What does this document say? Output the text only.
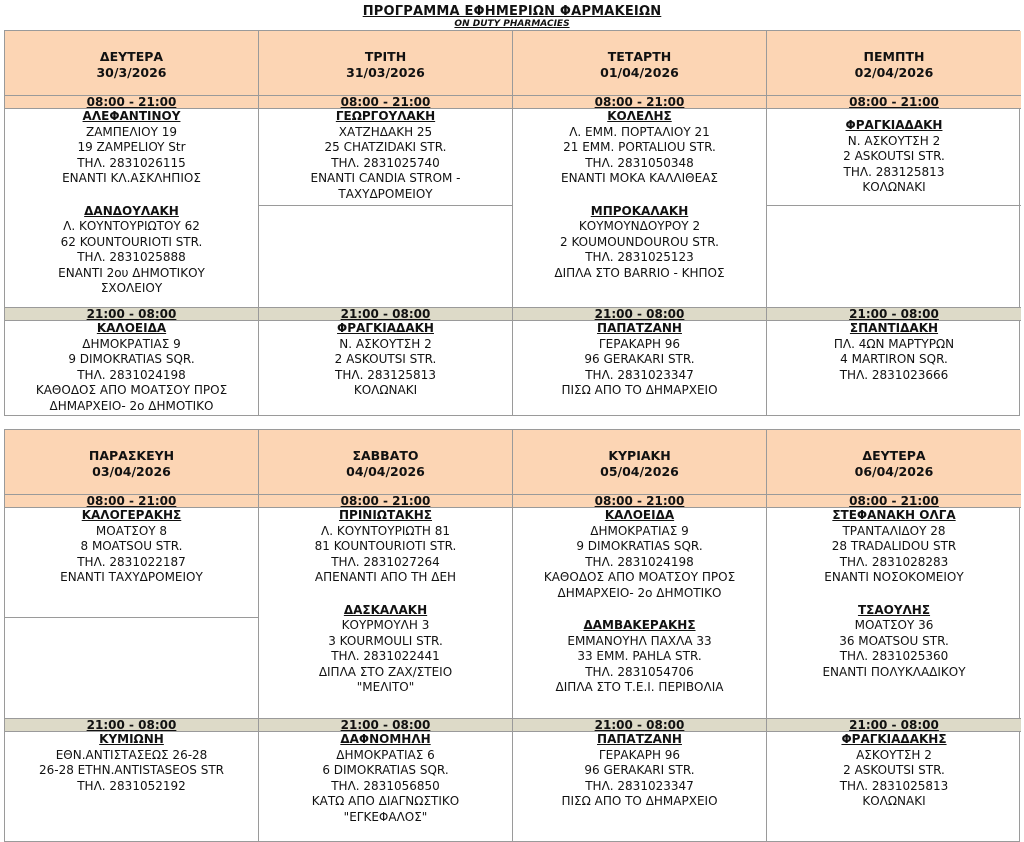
ΠΡΟΓΡΑΜΜΑ ΕΦΗΜΕΡΙΩΝ ΦΑΡΜΑΚΕΙΩΝ
ON DUTY PHARMACIES
ΔΕΥΤΕΡΑ
30/3/2026
08:00 - 21:00
ΑΛΕΦΑΝΤΙΝΟΥ
ΖΑΜΠΕΛΙΟΥ 19
19 ZAMPELIOY Str
ΤΗΛ. 2831026115
ΕΝΑΝΤΙ ΚΛ.ΑΣΚΛΗΠΙΟΣ
ΔΑΝΔΟΥΛΑΚΗ
Λ. ΚΟΥΝΤΟΥΡΙΩΤΟΥ 62
62 KOUNTOURIOTI STR.
ΤΗΛ. 2831025888
ΕΝΑΝΤΙ 2ου ΔΗΜΟΤΙΚΟΥ
ΣΧΟΛΕΙΟΥ
21:00 - 08:00
ΚΑΛΟΕΙΔΑ
ΔΗΜΟΚΡΑΤΙΑΣ 9
9 DIMOKRATIAS SQR.
ΤΗΛ. 2831024198
ΚΑΘΟΔΟΣ ΑΠΟ ΜΟΑΤΣΟΥ ΠΡΟΣ
ΔΗΜΑΡΧΕΙΟ- 2ο ΔΗΜΟΤΙΚΟ
ΤΡΙΤΗ
31/03/2026
08:00 - 21:00
ΓΕΩΡΓΟΥΛΑΚΗ
ΧΑΤΖΗΔΑΚΗ 25
25 CHATZIDAKI STR.
ΤΗΛ. 2831025740
ΕΝΑΝΤΙ CANDIA STROM -
ΤΑΧΥΔΡΟΜΕΙΟΥ
21:00 - 08:00
ΦΡΑΓΚΙΑΔΑΚΗ
Ν. ΑΣΚΟΥΤΣΗ 2
2 ASKOUTSI STR.
ΤΗΛ. 283125813
ΚΟΛΩΝΑΚΙ
ΤΕΤΑΡΤΗ
01/04/2026
08:00 - 21:00
ΚΟΛΕΛΗΣ
Λ. ΕΜΜ. ΠΟΡΤΑΛΙΟΥ 21
21 ΕΜΜ. PORTALIOU STR.
ΤΗΛ. 2831050348
ΕΝΑΝΤΙ ΜΟΚΑ ΚΑΛΛΙΘΕΑΣ
ΜΠΡΟΚΑΛΑΚΗ
ΚΟΥΜΟΥΝΔΟΥΡΟΥ 2
2 KOUMOUNDOUROU STR.
ΤΗΛ. 2831025123
ΔΙΠΛΑ ΣΤΟ BARRIO - ΚΗΠΟΣ
21:00 - 08:00
ΠΑΠΑΤΖΑΝΗ
ΓΕΡΑΚΑΡΗ 96
96 GERAKARI STR.
ΤΗΛ. 2831023347
ΠΙΣΩ ΑΠΟ ΤΟ ΔΗΜΑΡΧΕΙΟ
ΠΕΜΠΤΗ
02/04/2026
08:00 - 21:00
ΦΡΑΓΚΙΑΔΑΚΗ
Ν. ΑΣΚΟΥΤΣΗ 2
2 ASKOUTSI STR.
ΤΗΛ. 283125813
ΚΟΛΩΝΑΚΙ
21:00 - 08:00
ΣΠΑΝΤΙΔΑΚΗ
ΠΛ. 4ΩΝ ΜΑΡΤΥΡΩΝ
4 MARTIRON SQR.
ΤΗΛ. 2831023666
ΠΑΡΑΣΚΕΥΗ
03/04/2026
08:00 - 21:00
ΚΑΛΟΓΕΡΑΚΗΣ
ΜΟΑΤΣΟΥ 8
8 MOATSOU STR.
ΤΗΛ. 2831022187
ΕΝΑΝΤΙ ΤΑΧΥΔΡΟΜΕΙΟΥ
21:00 - 08:00
ΚΥΜΙΩΝΗ
ΕΘΝ.ΑΝΤΙΣΤΑΣΕΩΣ 26-28
26-28 ETHN.ANTISTASEOS STR
ΤΗΛ. 2831052192
ΣΑΒΒΑΤΟ
04/04/2026
08:00 - 21:00
ΠΡΙΝΙΩΤΑΚΗΣ
Λ. ΚΟΥΝΤΟΥΡΙΩΤΗ 81
81 KOUNTOURIOTI STR.
ΤΗΛ. 2831027264
ΑΠΕΝΑΝΤΙ ΑΠΟ ΤΗ ΔΕΗ
ΔΑΣΚΑΛΑΚΗ
ΚΟΥΡΜΟΥΛΗ 3
3 KOURMOULI STR.
ΤΗΛ. 2831022441
ΔΙΠΛΑ ΣΤΟ ΖΑΧ/ΣΤΕΙΟ
"ΜΕΛΙΤΟ"
21:00 - 08:00
ΔΑΦΝΟΜΗΛΗ
ΔΗΜΟΚΡΑΤΙΑΣ 6
6 DIMOKRATIAS SQR.
ΤΗΛ. 2831056850
ΚΑΤΩ ΑΠΟ ΔΙΑΓΝΩΣΤΙΚΟ
"ΕΓΚΕΦΑΛΟΣ"
ΚΥΡΙΑΚΗ
05/04/2026
08:00 - 21:00
ΚΑΛΟΕΙΔΑ
ΔΗΜΟΚΡΑΤΙΑΣ 9
9 DIMOKRATIAS SQR.
ΤΗΛ. 2831024198
ΚΑΘΟΔΟΣ ΑΠΟ ΜΟΑΤΣΟΥ ΠΡΟΣ
ΔΗΜΑΡΧΕΙΟ- 2ο ΔΗΜΟΤΙΚΟ
ΔΑΜΒΑΚΕΡΑΚΗΣ
ΕΜΜΑΝΟΥΗΛ ΠΑΧΛΑ 33
33 ΕΜΜ. PAHLA STR.
ΤΗΛ. 2831054706
ΔΙΠΛΑ ΣΤΟ Τ.Ε.Ι. ΠΕΡΙΒΟΛΙΑ
21:00 - 08:00
ΠΑΠΑΤΖΑΝΗ
ΓΕΡΑΚΑΡΗ 96
96 GERAKARI STR.
ΤΗΛ. 2831023347
ΠΙΣΩ ΑΠΟ ΤΟ ΔΗΜΑΡΧΕΙΟ
ΔΕΥΤΕΡΑ
06/04/2026
08:00 - 21:00
ΣΤΕΦΑΝΑΚΗ ΟΛΓΑ
ΤΡΑΝΤΑΛΙΔΟΥ 28
28 TRADALIDOU STR
ΤΗΛ. 2831028283
ΕΝΑΝΤΙ ΝΟΣΟΚΟΜΕΙΟΥ
ΤΣΑΟΥΛΗΣ
ΜΟΑΤΣΟΥ 36
36 MOATSOU STR.
ΤΗΛ. 2831025360
ΕΝΑΝΤΙ ΠΟΛΥΚΛΑΔΙΚΟΥ
21:00 - 08:00
ΦΡΑΓΚΙΑΔΑΚΗΣ
ΑΣΚΟΥΤΣΗ 2
2 ASKOUTSI STR.
ΤΗΛ. 2831025813
ΚΟΛΩΝΑΚΙ
